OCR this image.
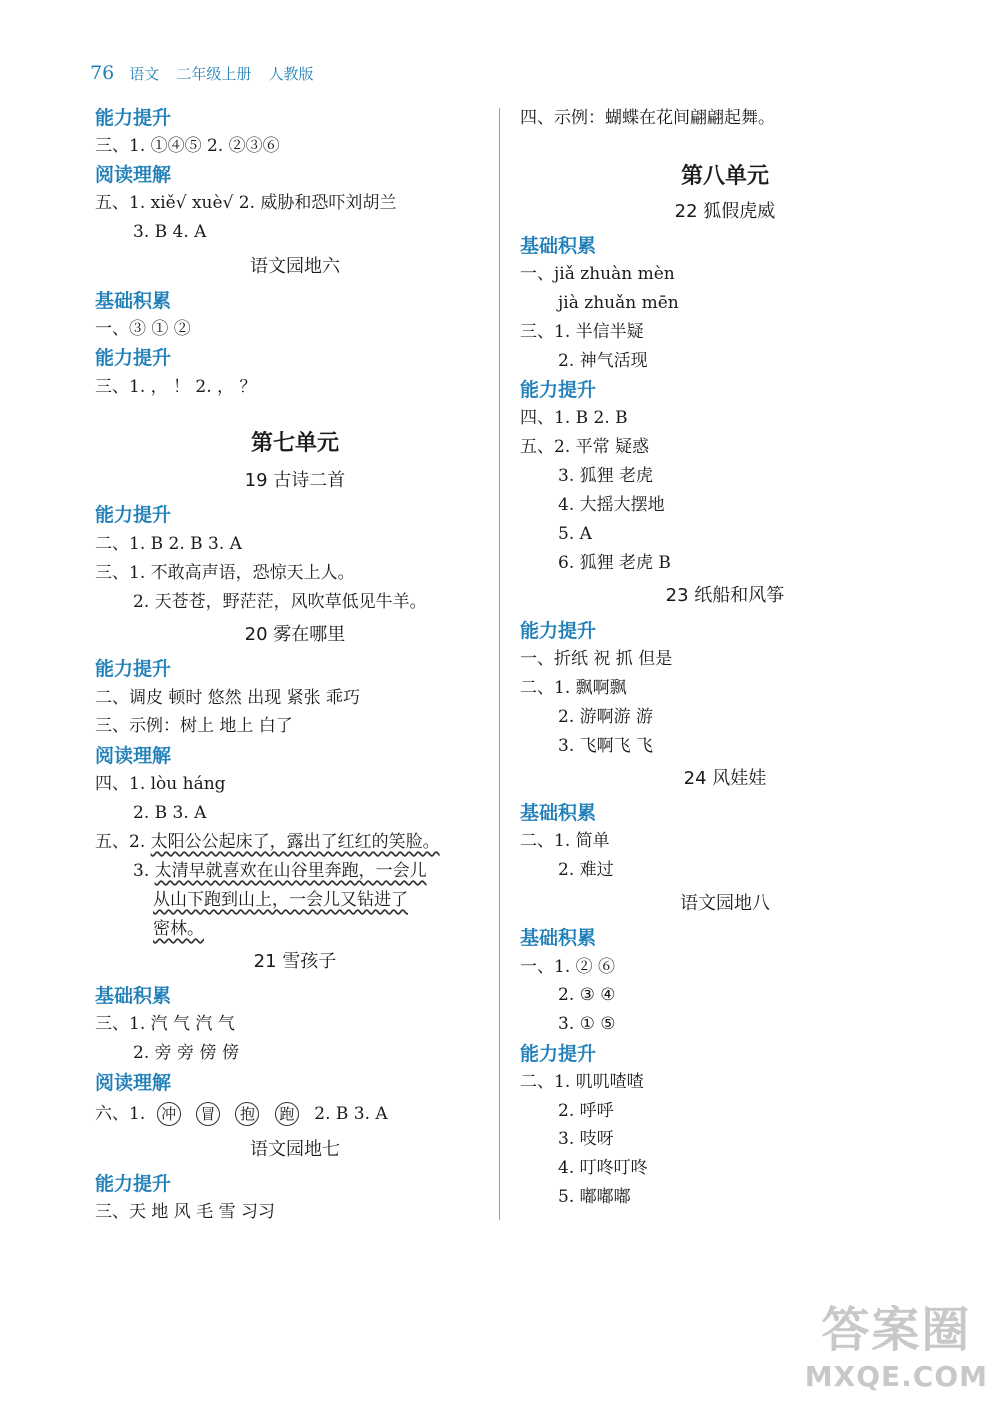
76 语文 二年级上册 人教版
能力提升
三、1. ①④⑤ 2. ②③⑥
阅读理解
五、1. xiě√ xuè√ 2. 威胁和恐吓刘胡兰
3. B 4. A
语文园地六
基础积累
一、③ ① ②
能力提升
三、1. ， ！ 2. ， ？
第七单元
19 古诗二首
能力提升
二、1. B 2. B 3. A
三、1. 不敢高声语，恐惊天上人。
2. 天苍苍，野茫茫，风吹草低见牛羊。
20 雾在哪里
能力提升
二、调皮 顿时 悠然 出现 紧张 乖巧
三、示例：树上 地上 白了
阅读理解
四、1. lòu háng
2. B 3. A
五、2. 太阳公公起床了，露出了红红的笑脸。
3. 太清早就喜欢在山谷里奔跑，一会儿
从山下跑到山上，一会儿又钻进了
密林。
21 雪孩子
基础积累
三、1. 汽 气 汽 气
2. 旁 旁 傍 傍
阅读理解
六、1. 冲 冒 抱 跑 2. B 3. A
语文园地七
能力提升
三、天 地 风 毛 雪 习习
四、示例：蝴蝶在花间翩翩起舞。
第八单元
22 狐假虎威
基础积累
一、jiǎ zhuàn mèn
jià zhuǎn mēn
三、1. 半信半疑
2. 神气活现
能力提升
四、1. B 2. B
五、2. 平常 疑惑
3. 狐狸 老虎
4. 大摇大摆地
5. A
6. 狐狸 老虎 B
23 纸船和风筝
能力提升
一、折纸 祝 抓 但是
二、1. 飘啊飘
2. 游啊游 游
3. 飞啊飞 飞
24 风娃娃
基础积累
二、1. 简单
2. 难过
语文园地八
基础积累
一、1. ② ⑥
2. ③ ④
3. ① ⑤
能力提升
二、1. 叽叽喳喳
2. 呼呼
3. 吱呀
4. 叮咚叮咚
5. 嘟嘟嘟
答案圈
MXQE.COM
